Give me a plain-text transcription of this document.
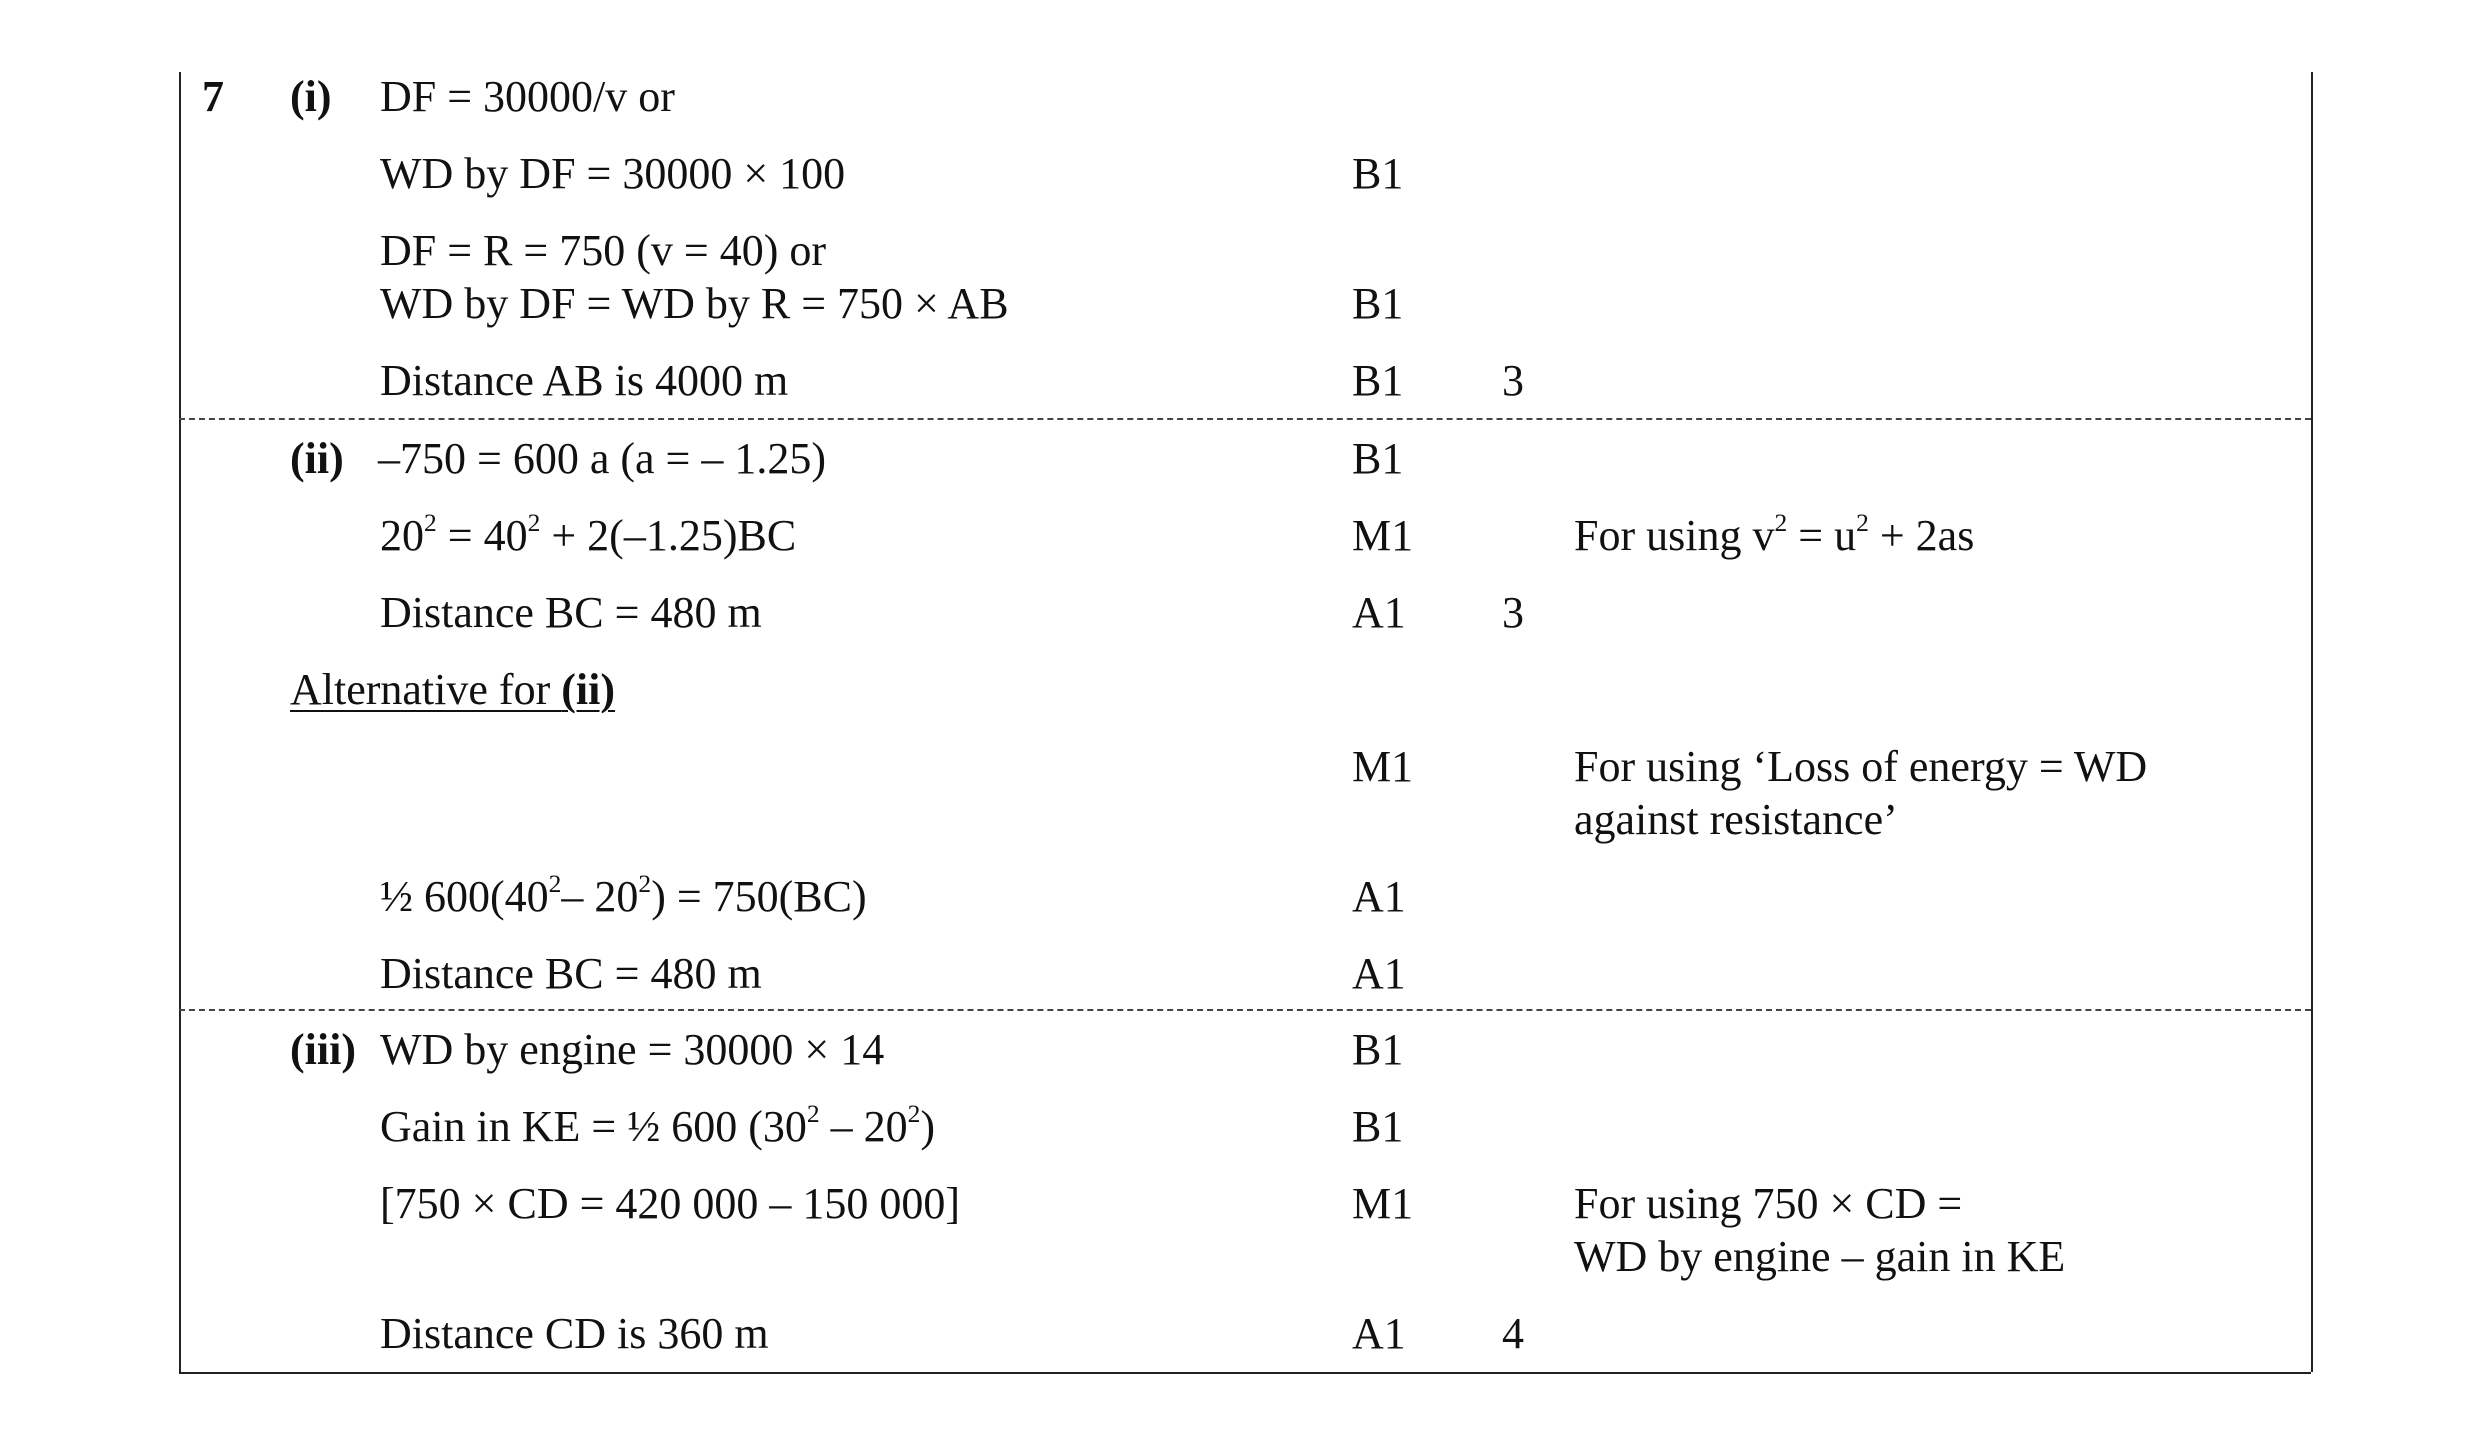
7 (i) DF = 30000/v or
WD by DF = 30000 × 100	B1
DF = R = 750 (v = 40) or
WD by DF = WD by R = 750 × AB	B1
Distance AB is 4000 m	B1 3
(ii) –750 = 600 a (a = – 1.25)	B1
$20^2 = 40^2 + 2(-1.25)BC$	M1	For using $v^2 = u^2 + 2as$
Distance BC = 480 m	A1 3
Alternative for (ii)
M1	For using ‘Loss of energy = WD
against resistance’
½ $600(40^2-$ $20^2) = 750(BC)$	A1
Distance BC = 480 m	A1
(iii) WD by engine = 30000 × 14	B1
Gain in KE = ½ 600 $(30^2 - 20^2)$	B1
[750 × CD = 420 000 – 150 000]	M1	For using 750 × CD =
WD by engine – gain in KE
Distance CD is 360 m	A1 4
